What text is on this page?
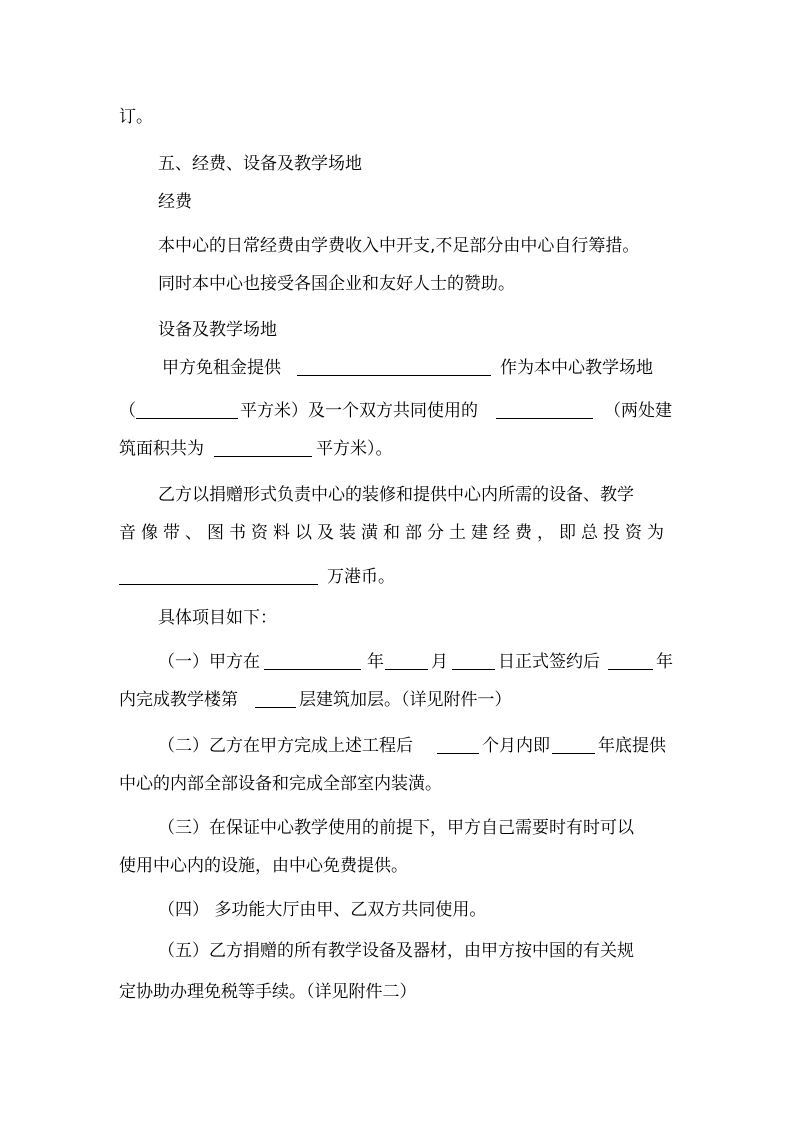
订。

五、经费、设备及教学场地

经费

本中心的日常经费由学费收入中开支,不足部分由中心自行筹措。

同时本中心也接受各国企业和友好人士的赞助。

设备及教学场地

甲方免租金提供

	作为本中心教学场地

（

	平方米）及一个双方共同使用的

	（两处建

筑面积共为

	平方米）。

乙方以捐赠形式负责中心的装修和提供中心内所需的设备、教学

音像带、图书资料以及装潢和部分土建经费，即总投资为

万港币。

具体项目如下：

（一）甲方在

	年

	月

	日正式签约后

	年

内完成教学楼第

	层建筑加层。（详见附件一）

（二）乙方在甲方完成上述工程后

	个月内即

	年底提供

中心的内部全部设备和完成全部室内装潢。

（三）在保证中心教学使用的前提下，甲方自己需要时有时可以

使用中心内的设施，由中心免费提供。

（四） 多功能大厅由甲、乙双方共同使用。

（五）乙方捐赠的所有教学设备及器材，由甲方按中国的有关规

定协助办理免税等手续。（详见附件二）
